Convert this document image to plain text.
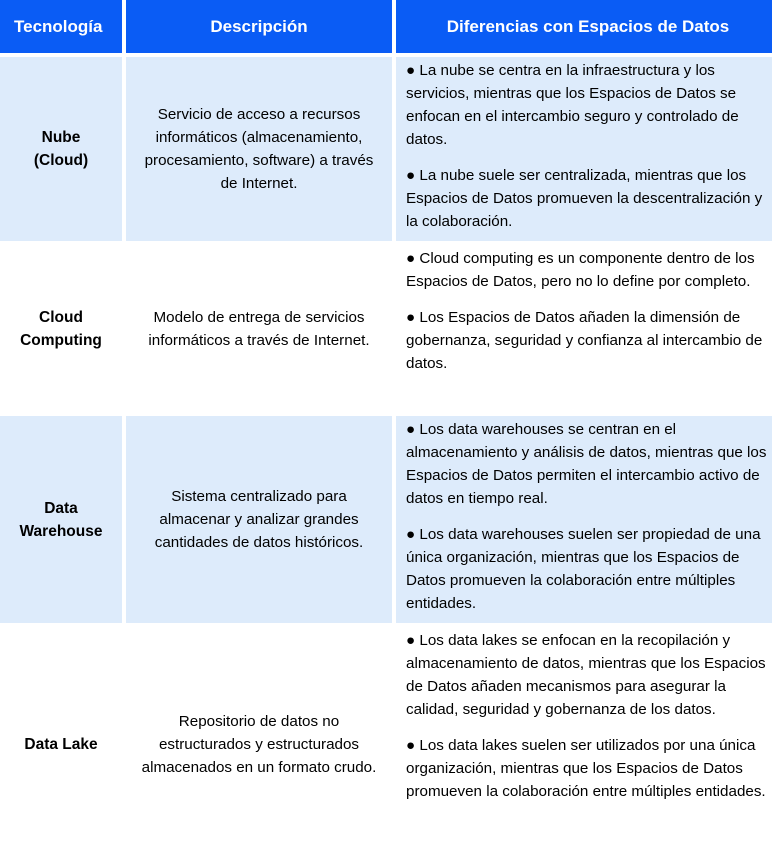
Tecnología	Descripción	Diferencias con Espacios de Datos
Nube (Cloud)
Servicio de acceso a recursos informáticos (almacenamiento, procesamiento, software) a través de Internet.

● La nube se centra en la infraestructura y los servicios, mientras que los Espacios de Datos se enfocan en el intercambio seguro y controlado de datos.

● La nube suele ser centralizada, mientras que los Espacios de Datos promueven la descentralización y la colaboración.

Cloud Computing
Modelo de entrega de servicios informáticos a través de Internet.

● Cloud computing es un componente dentro de los Espacios de Datos, pero no lo define por completo.

● Los Espacios de Datos añaden la dimensión de gobernanza, seguridad y confianza al intercambio de datos.

Data Warehouse
Sistema centralizado para almacenar y analizar grandes cantidades de datos históricos.

● Los data warehouses se centran en el almacenamiento y análisis de datos, mientras que los Espacios de Datos permiten el intercambio activo de datos en tiempo real.

● Los data warehouses suelen ser propiedad de una única organización, mientras que los Espacios de Datos promueven la colaboración entre múltiples entidades.

Data Lake
Repositorio de datos no estructurados y estructurados almacenados en un formato crudo.

● Los data lakes se enfocan en la recopilación y almacenamiento de datos, mientras que los Espacios de Datos añaden mecanismos para asegurar la calidad, seguridad y gobernanza de los datos.

● Los data lakes suelen ser utilizados por una única organización, mientras que los Espacios de Datos promueven la colaboración entre múltiples entidades.
